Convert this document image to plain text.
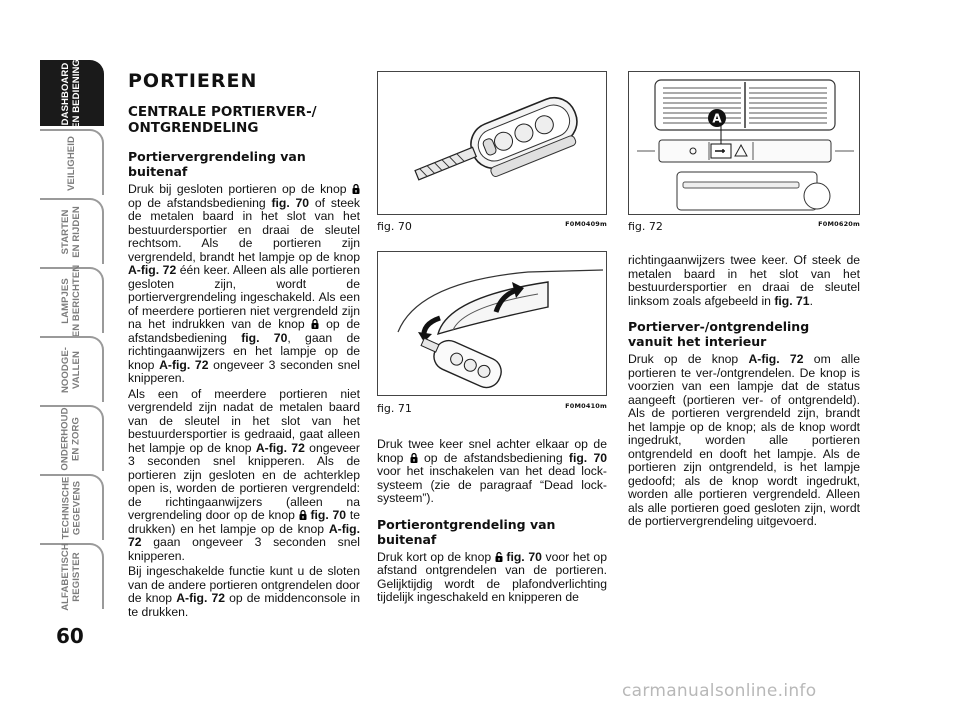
DASHBOARD
EN BEDIENING
VEILIGHEID
STARTEN
EN RIJDEN
LAMPJES
EN BERICHTEN
NOODGE-
VALLEN
ONDERHOUD
EN ZORG
TECHNISCHE
GEGEVENS
ALFABETISCH
REGISTER
60
PORTIEREN
CENTRALE PORTIERVER-/
ONTGRENDELING
Portiervergrendeling van buitenaf

Druk bij gesloten portieren op de knop  op de afstandsbediening fig. 70 of steek de metalen baard in het slot van het bestuurdersportier en draai de sleutel rechtsom. Als de portieren zijn vergrendeld, brandt het lampje op de knop A-fig. 72 één keer. Alleen als alle portieren gesloten zijn, wordt de portiervergrendeling ingeschakeld. Als een of meerdere portieren niet vergrendeld zijn na het indrukken van de knop  op de afstandsbediening fig. 70, gaan de richtingaanwijzers en het lampje op de knop A-fig. 72 ongeveer 3 seconden snel knipperen.

Als een of meerdere portieren niet vergrendeld zijn nadat de metalen baard van de sleutel in het slot van het bestuurdersportier is gedraaid, gaat alleen het lampje op de knop A-fig. 72 ongeveer 3 seconden snel knipperen. Als de portieren zijn gesloten en de achterklep open is, worden de portieren vergrendeld: de richtingaanwijzers (alleen na vergrendeling door op de knop  fig. 70 te drukken) en het lampje op de knop A-fig. 72 gaan ongeveer 3 seconden snel knipperen.

Bij ingeschakelde functie kunt u de sloten van de andere portieren ontgrendelen door de knop A-fig. 72 op de middenconsole in te drukken.

fig. 70	F0M0409m
fig. 71	F0M0410m
A
fig. 72	F0M0620m

Druk twee keer snel achter elkaar op de knop  op de afstandsbediening fig. 70 voor het inschakelen van het dead lock-systeem (zie de paragraaf “Dead lock-systeem”).

Portierontgrendeling van buitenaf

Druk kort op de knop  fig. 70 voor het op afstand ontgrendelen van de portieren. Gelijktijdig wordt de plafondverlichting tijdelijk ingeschakeld en knipperen de

richtingaanwijzers twee keer. Of steek de metalen baard in het slot van het bestuurdersportier en draai de sleutel linksom zoals afgebeeld in fig. 71.

Portierver-/ontgrendeling
vanuit het interieur

Druk op de knop A-fig. 72 om alle portieren te ver-/ontgrendelen. De knop is voorzien van een lampje dat de status aangeeft (portieren ver- of ontgrendeld). Als de portieren vergrendeld zijn, brandt het lampje op de knop; als de knop wordt ingedrukt, worden alle portieren ontgrendeld en dooft het lampje. Als de portieren zijn ontgrendeld, is het lampje gedoofd; als de knop wordt ingedrukt, worden alle portieren vergrendeld. Alleen als alle portieren goed gesloten zijn, wordt de portiervergrendeling uitgevoerd.

carmanualsonline.info
